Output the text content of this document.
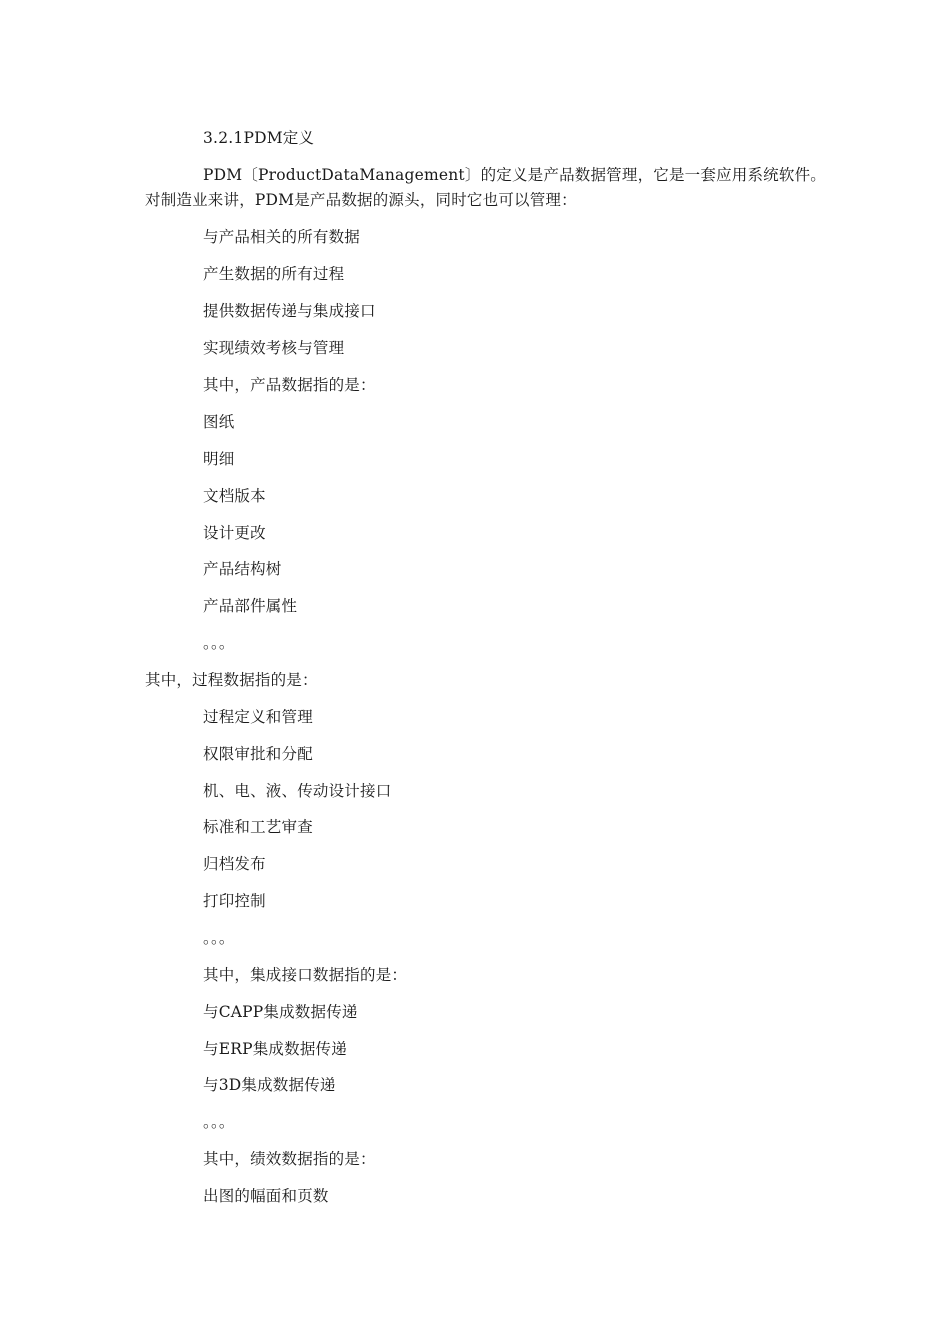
3.2.1PDM定义
PDM〔ProductDataManagement〕的定义是产品数据管理，它是一套应用系统软件。
对制造业来讲，PDM是产品数据的源头，同时它也可以管理：
与产品相关的所有数据
产生数据的所有过程
提供数据传递与集成接口
实现绩效考核与管理
其中，产品数据指的是：
图纸
明细
文档版本
设计更改
产品结构树
产品部件属性
。。。
其中，过程数据指的是：
过程定义和管理
权限审批和分配
机、电、液、传动设计接口
标准和工艺审查
归档发布
打印控制
。。。
其中，集成接口数据指的是：
与CAPP集成数据传递
与ERP集成数据传递
与3D集成数据传递
。。。
其中，绩效数据指的是：
出图的幅面和页数
